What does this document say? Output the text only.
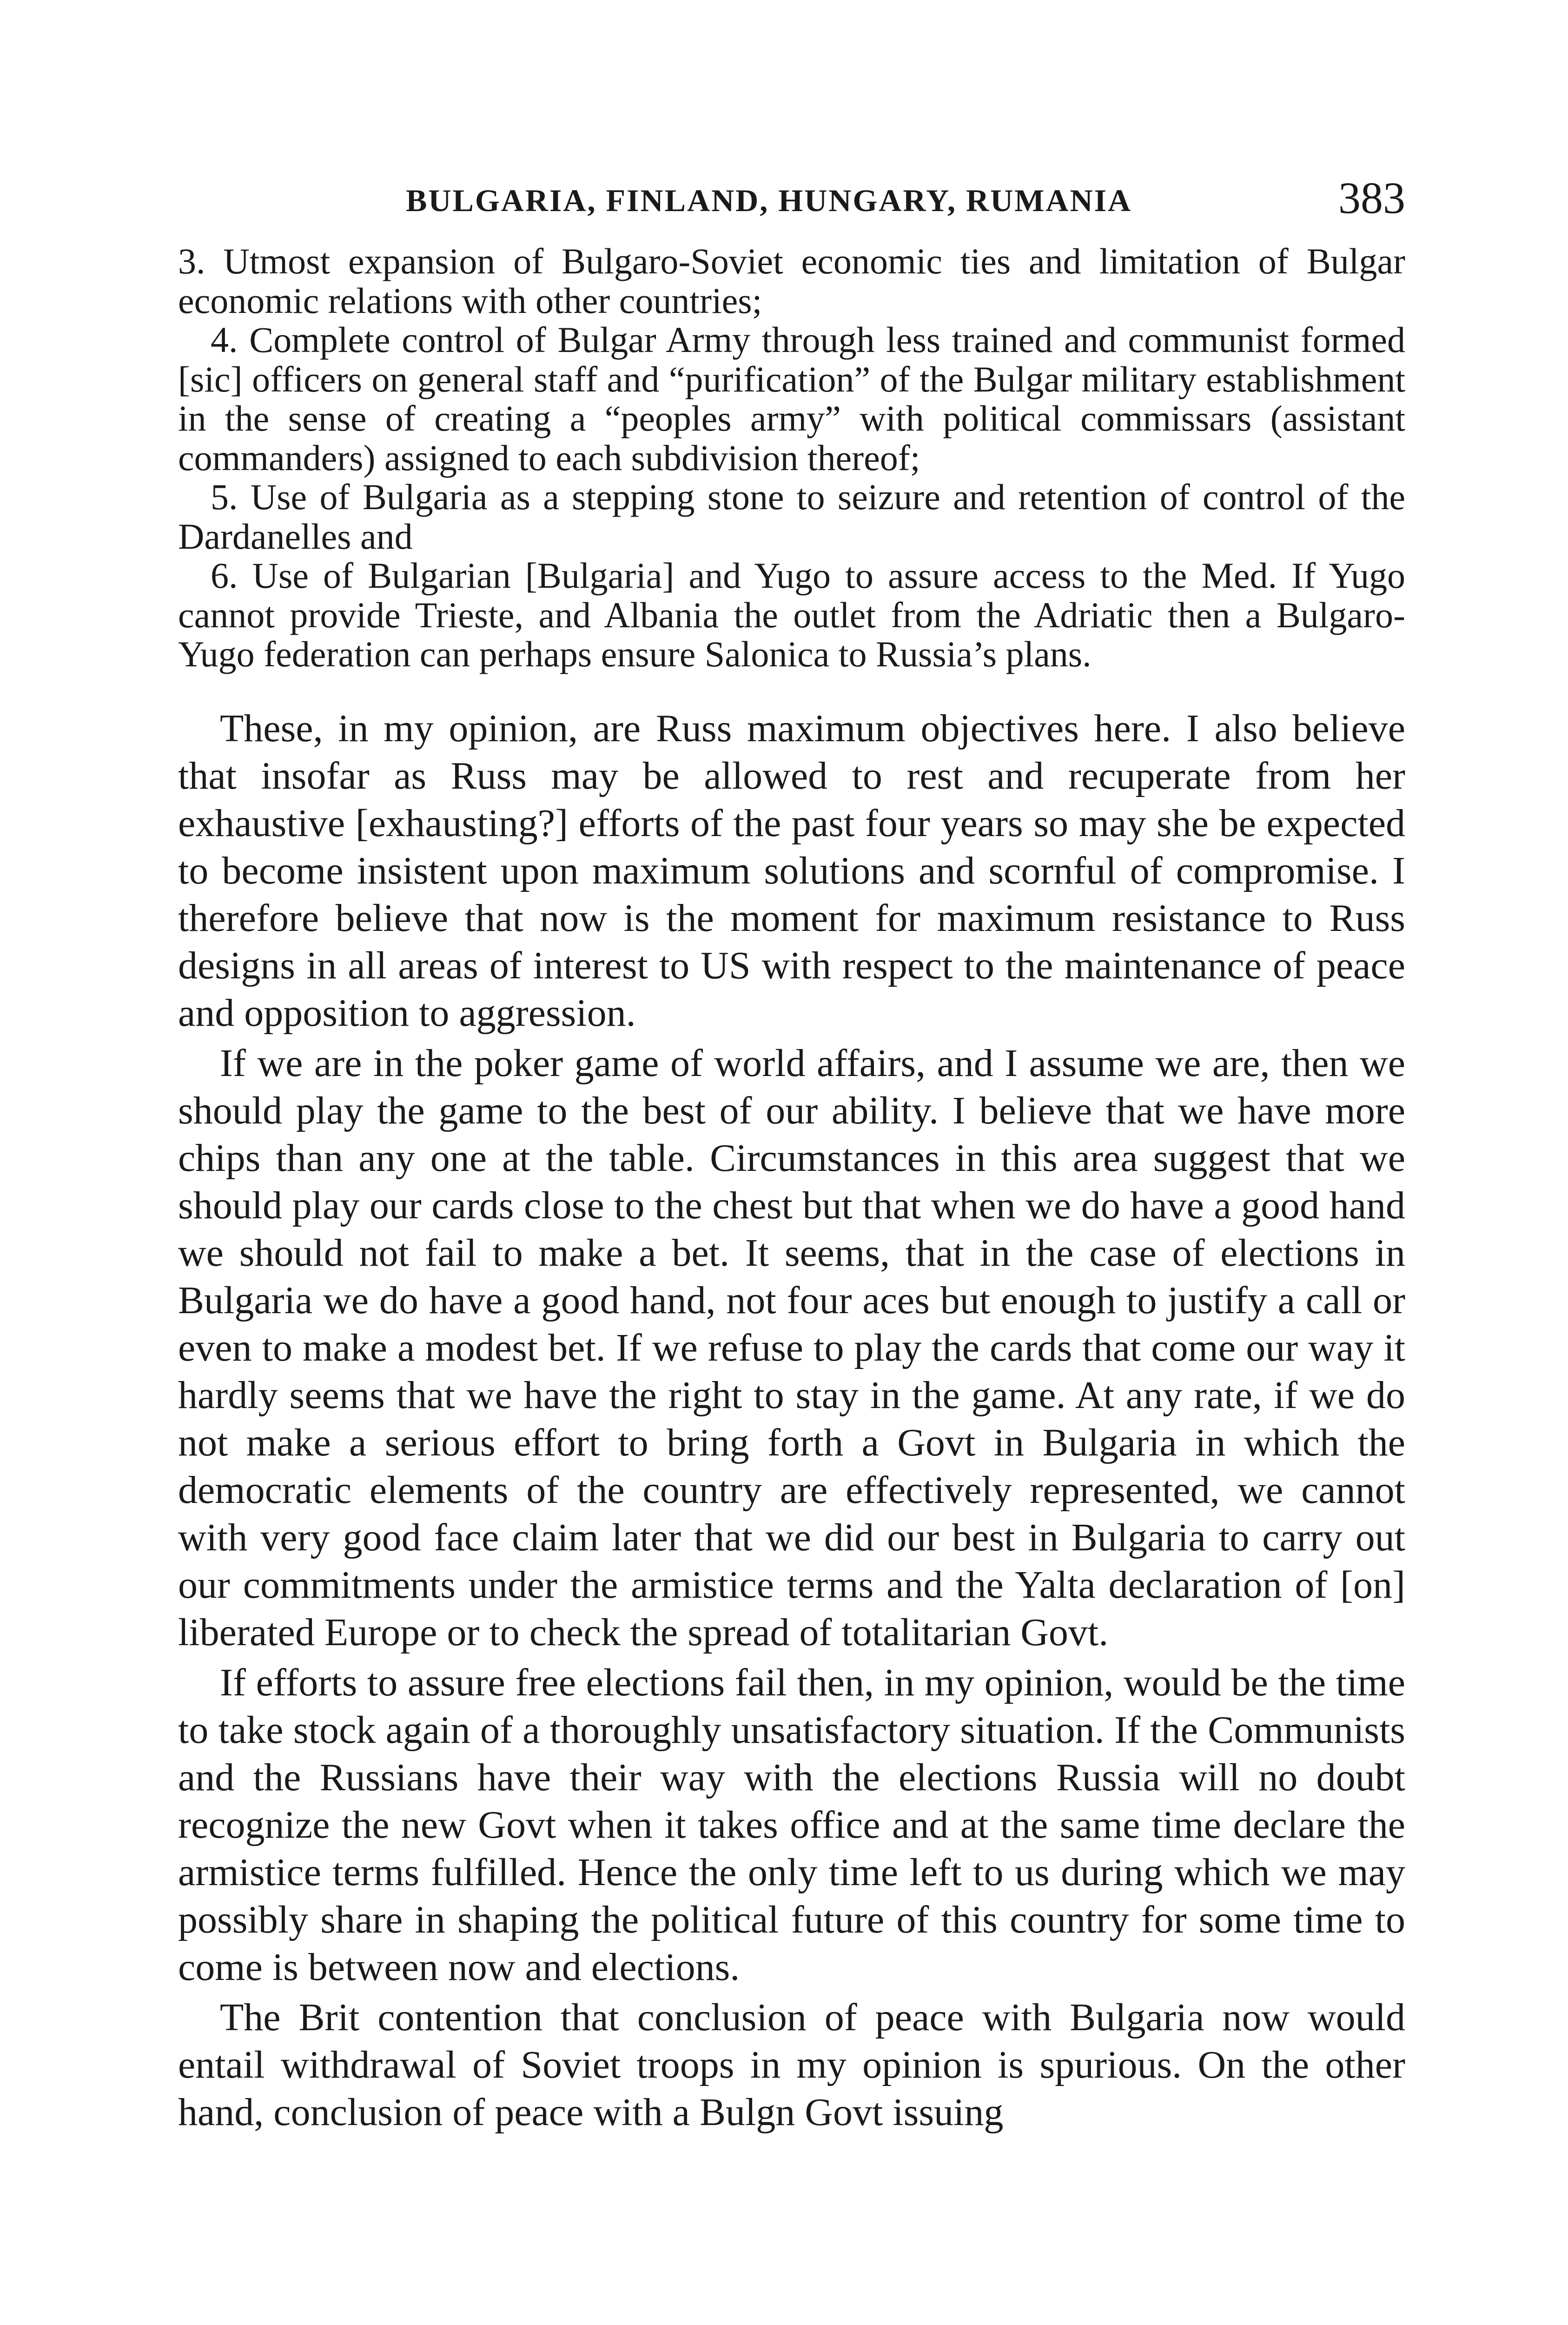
BULGARIA, FINLAND, HUNGARY, RUMANIA	383

3. Utmost expansion of Bulgaro-Soviet economic ties and limitation of Bulgar economic relations with other countries;

4. Complete control of Bulgar Army through less trained and communist formed [sic] officers on general staff and “purification” of the Bulgar military establishment in the sense of creating a “peoples army” with political commissars (assistant commanders) assigned to each subdivision thereof;

5. Use of Bulgaria as a stepping stone to seizure and retention of control of the Dardanelles and

6. Use of Bulgarian [Bulgaria] and Yugo to assure access to the Med. If Yugo cannot provide Trieste, and Albania the outlet from the Adriatic then a Bulgaro-Yugo federation can perhaps ensure Salonica to Russia’s plans.

These, in my opinion, are Russ maximum objectives here. I also believe that insofar as Russ may be allowed to rest and recuperate from her exhaustive [exhausting?] efforts of the past four years so may she be expected to become insistent upon maximum solutions and scornful of compromise. I therefore believe that now is the moment for maximum resistance to Russ designs in all areas of interest to US with respect to the maintenance of peace and opposition to aggression.

If we are in the poker game of world affairs, and I assume we are, then we should play the game to the best of our ability. I believe that we have more chips than any one at the table. Circumstances in this area suggest that we should play our cards close to the chest but that when we do have a good hand we should not fail to make a bet. It seems, that in the case of elections in Bulgaria we do have a good hand, not four aces but enough to justify a call or even to make a modest bet. If we refuse to play the cards that come our way it hardly seems that we have the right to stay in the game. At any rate, if we do not make a serious effort to bring forth a Govt in Bulgaria in which the democratic elements of the country are effectively represented, we cannot with very good face claim later that we did our best in Bulgaria to carry out our commitments under the armistice terms and the Yalta declaration of [on] liberated Europe or to check the spread of totalitarian Govt.

If efforts to assure free elections fail then, in my opinion, would be the time to take stock again of a thoroughly unsatisfactory situation. If the Communists and the Russians have their way with the elections Russia will no doubt recognize the new Govt when it takes office and at the same time declare the armistice terms fulfilled. Hence the only time left to us during which we may possibly share in shaping the political future of this country for some time to come is between now and elections.

The Brit contention that conclusion of peace with Bulgaria now would entail withdrawal of Soviet troops in my opinion is spurious. On the other hand, conclusion of peace with a Bulgn Govt issuing
